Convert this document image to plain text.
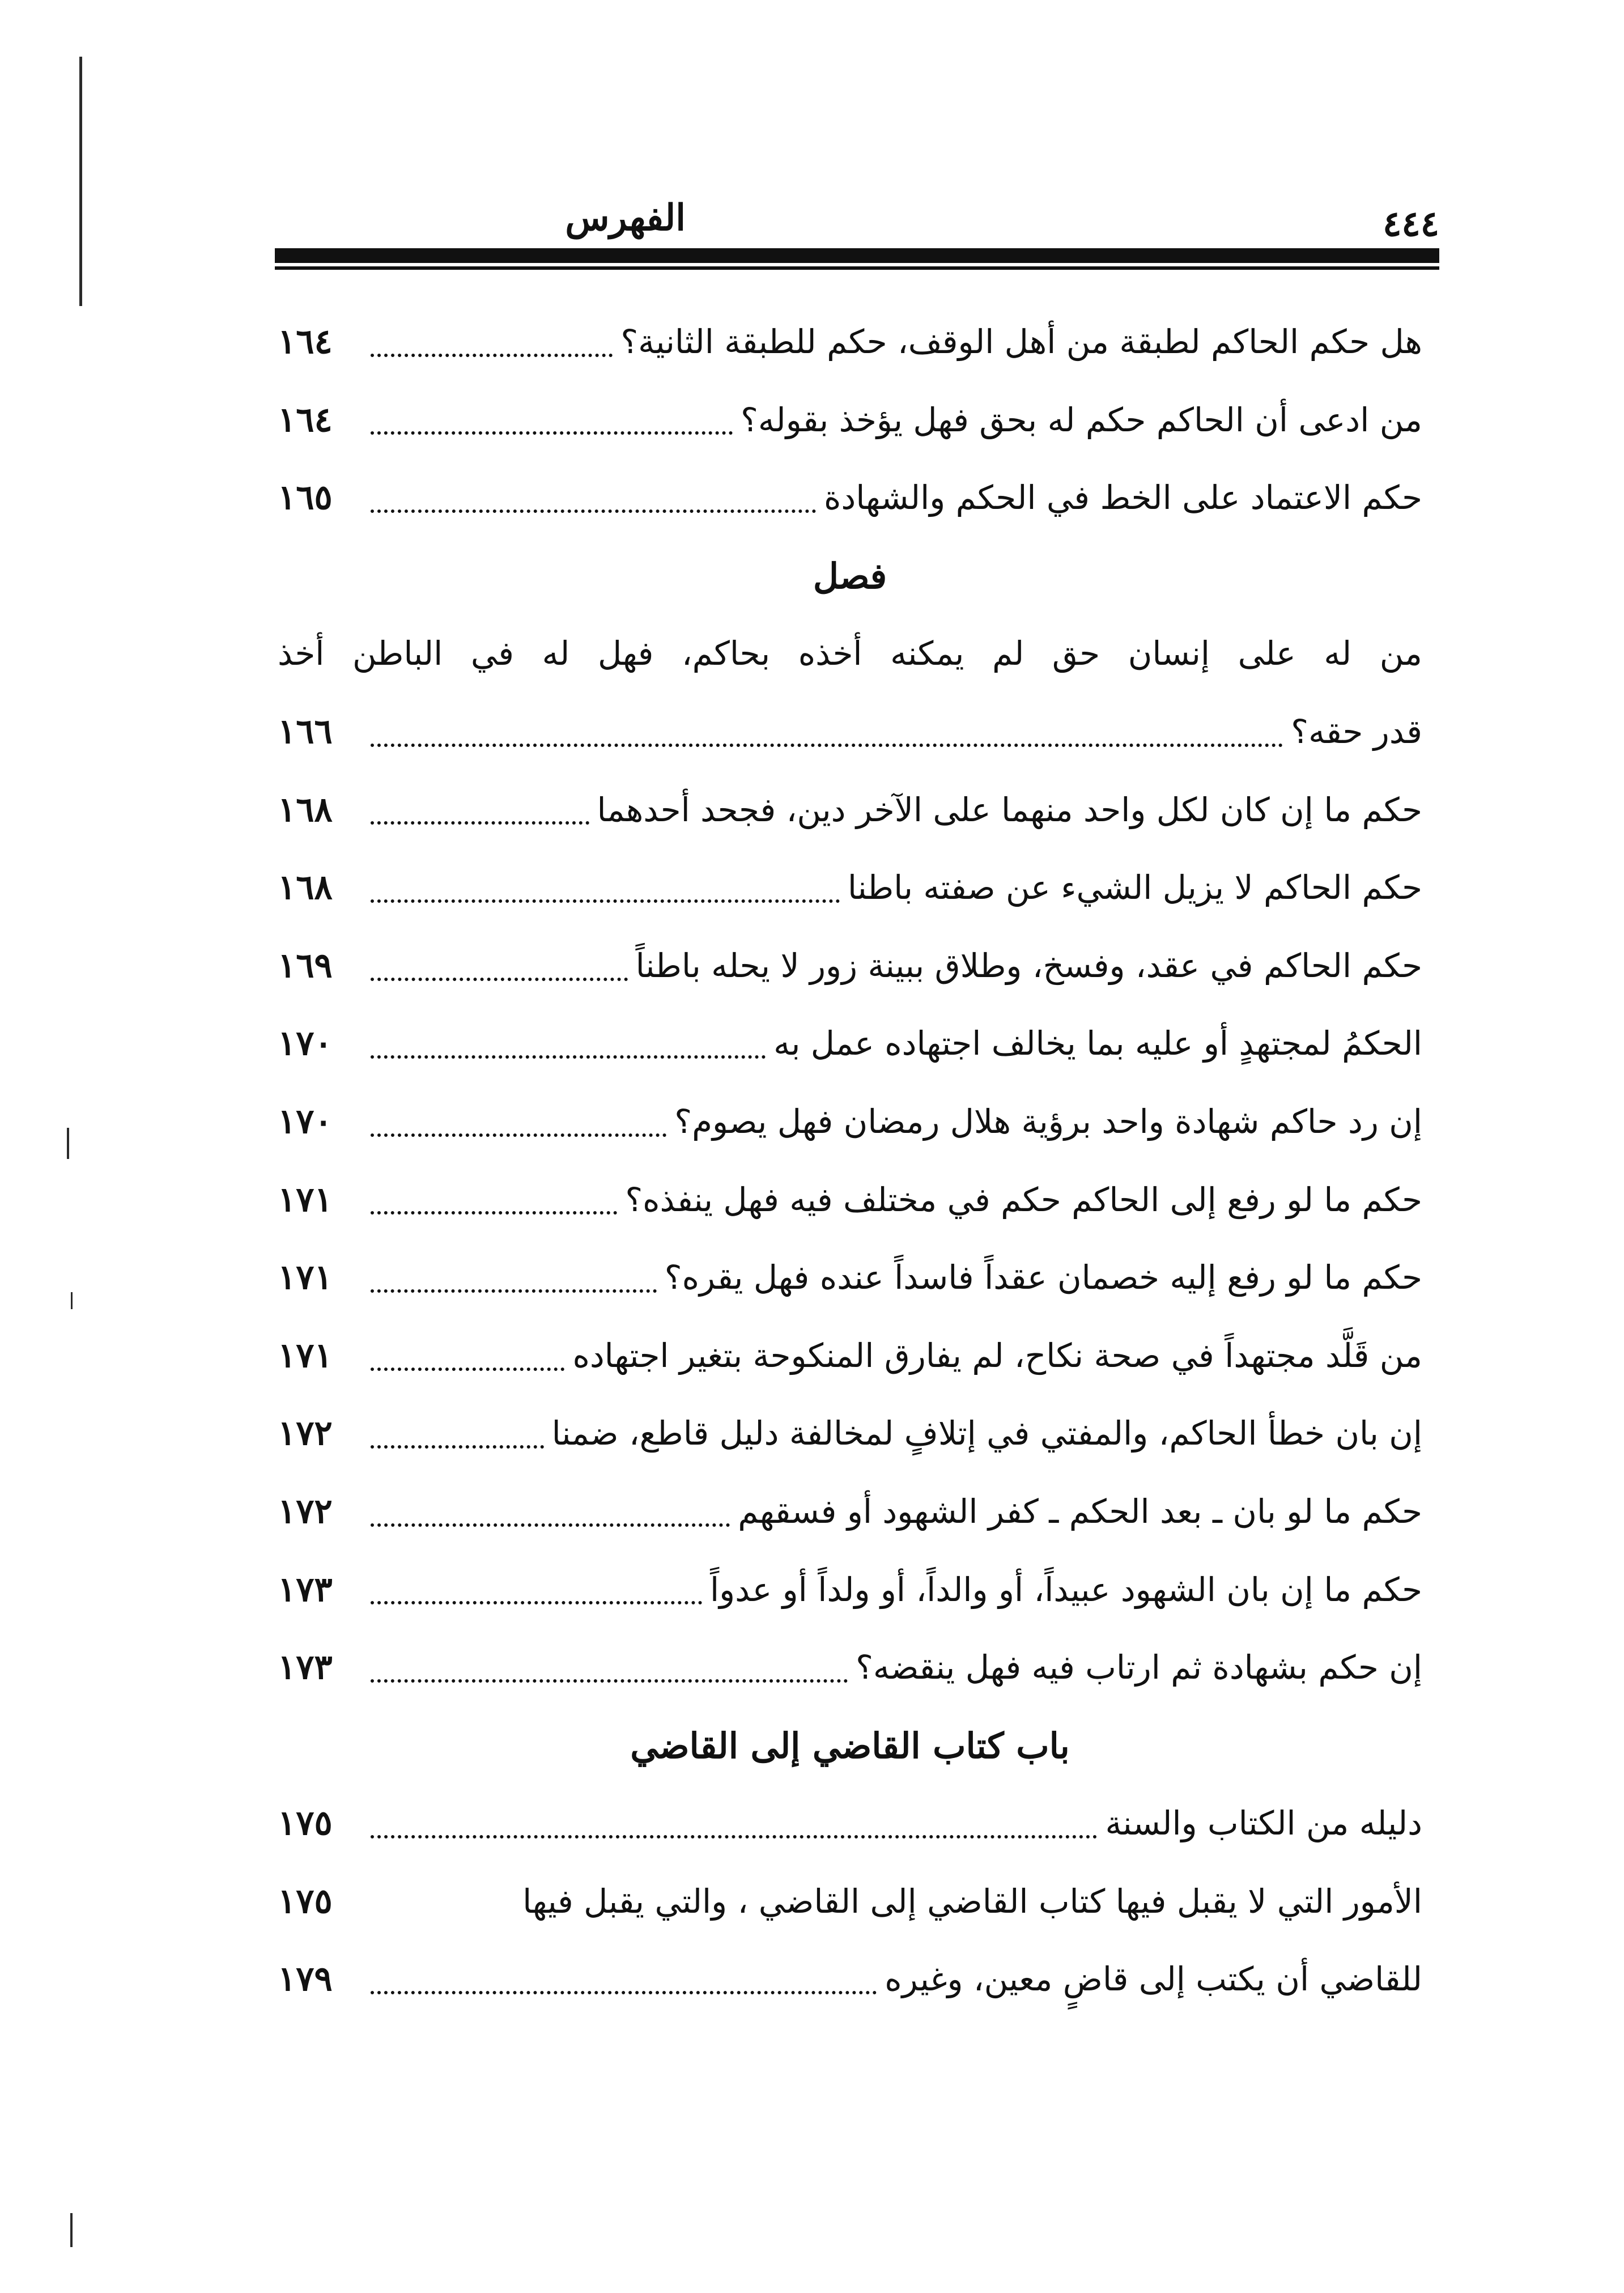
الفهرس	٤٤٤
هل حكم الحاكم لطبقة من أهل الوقف، حكم للطبقة الثانية؟
١٦٤
من ادعى أن الحاكم حكم له بحق فهل يؤخذ بقوله؟
١٦٤
حكم الاعتماد على الخط في الحكم والشهادة
١٦٥
فصل
من له على إنسان حق لم يمكنه أخذه بحاكم، فهل له في الباطن أخذ
قدر حقه؟
١٦٦
حكم ما إن كان لكل واحد منهما على الآخر دين، فجحد أحدهما
١٦٨
حكم الحاكم لا يزيل الشيء عن صفته باطنا
١٦٨
حكم الحاكم في عقد، وفسخ، وطلاق ببينة زور لا يحله باطناً
١٦٩
الحكمُ لمجتهدٍ أو عليه بما يخالف اجتهاده عمل به
١٧٠
إن رد حاكم شهادة واحد برؤية هلال رمضان فهل يصوم؟
١٧٠
حكم ما لو رفع إلى الحاكم حكم في مختلف فيه فهل ينفذه؟
١٧١
حكم ما لو رفع إليه خصمان عقداً فاسداً عنده فهل يقره؟
١٧١
من قَلَّد مجتهداً في صحة نكاح، لم يفارق المنكوحة بتغير اجتهاده
١٧١
إن بان خطأ الحاكم، والمفتي في إتلافٍ لمخالفة دليل قاطع، ضمنا
١٧٢
حكم ما لو بان ـ بعد الحكم ـ كفر الشهود أو فسقهم
١٧٢
حكم ما إن بان الشهود عبيداً، أو والداً، أو ولداً أو عدواً
١٧٣
إن حكم بشهادة ثم ارتاب فيه فهل ينقضه؟
١٧٣
باب كتاب القاضي إلى القاضي
دليله من الكتاب والسنة
١٧٥
الأمور التي لا يقبل فيها كتاب القاضي إلى القاضي ، والتي يقبل فيها
١٧٥
للقاضي أن يكتب إلى قاضٍ معين، وغيره
١٧٩
